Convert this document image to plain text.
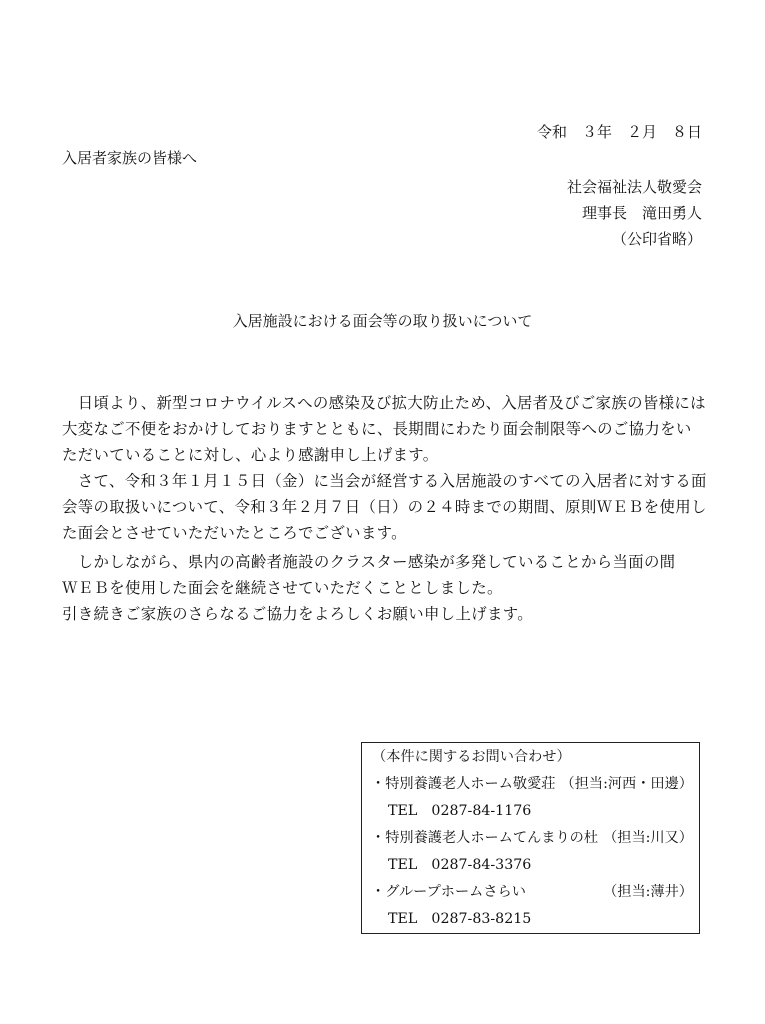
令和　３年　２月　８日
入居者家族の皆様へ
社会福祉法人敬愛会
理事長　滝田勇人
（公印省略）
入居施設における面会等の取り扱いについて
　日頃より、新型コロナウイルスへの感染及び拡大防止ため、入居者及びご家族の皆様には
大変なご不便をおかけしておりますとともに、長期間にわたり面会制限等へのご協力をい
ただいていることに対し、心より感謝申し上げます。
　さて、令和３年１月１５日（金）に当会が経営する入居施設のすべての入居者に対する面
会等の取扱いについて、令和３年２月７日（日）の２４時までの期間、原則ＷＥＢを使用し
た面会とさせていただいたところでございます。
　しかしながら、県内の高齢者施設のクラスター感染が多発していることから当面の間
ＷＥＢを使用した面会を継続させていただくこととしました。
引き続きご家族のさらなるご協力をよろしくお願い申し上げます。
（本件に関するお問い合わせ）
・特別養護老人ホーム敬愛荘 （担当:河西・田邊）
TEL　0287-84-1176
・特別養護老人ホームてんまりの杜 （担当:川又）
TEL　0287-84-3376
・グループホームさらい	（担当:薄井）
TEL　0287-83-8215
